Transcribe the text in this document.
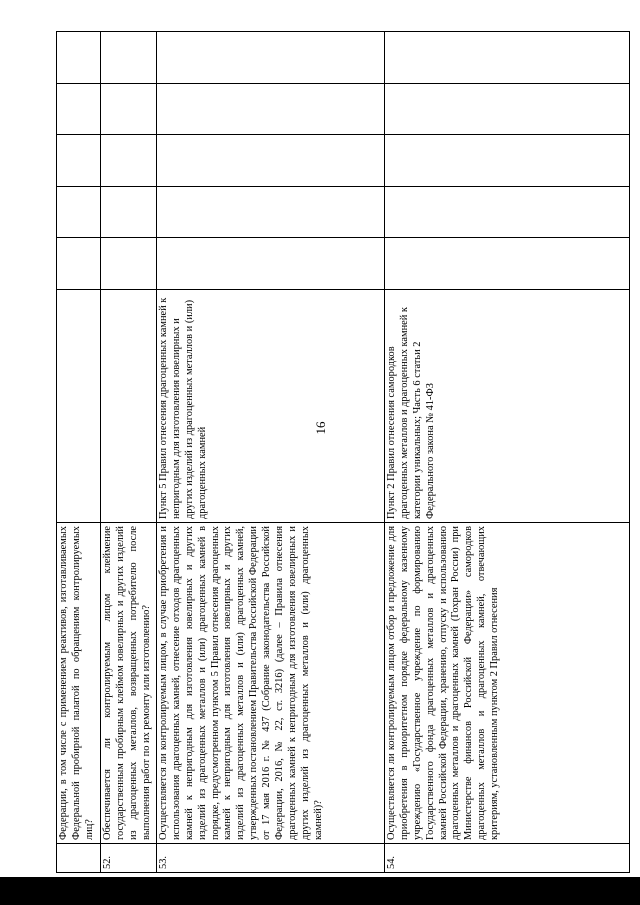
16
	Федерации, в том числе с применением реактивов, изготавливаемых Федеральной пробирной палатой по обращениям контролируемых лиц?						
52.	Обеспечивается ли контролируемым лицом клеймение государственным пробирным клеймом ювелирных и других изделий из драгоценных металлов, возвращенных потребителю после выполнения работ по их ремонту или изготовлению?						
53.	Осуществляется ли контролируемым лицом, в случае приобретения и использования драгоценных камней, отнесение отходов драгоценных камней к непригодным для изготовления ювелирных и других изделий из драгоценных металлов и (или) драгоценных камней в порядке, предусмотренном пунктом 5 Правил отнесения драгоценных камней к непригодным для изготовления ювелирных и других изделий из драгоценных металлов и (или) драгоценных камней, утвержденных постановлением Правительства Российской Федерации от 17 мая 2016 г. № 437 (Собрание законодательства Российской Федерации, 2016, № 22, ст. 3216) (далее – Правила отнесения драгоценных камней к непригодным для изготовления ювелирных и других изделий из драгоценных металлов и (или) драгоценных камней)?	Пункт 5 Правил отнесения драгоценных камней к непригодным для изготовления ювелирных и других изделий из драгоценных металлов и (или) драгоценных камней					
54.	Осуществляется ли контролируемым лицом отбор и предложение для приобретения в приоритетном порядке федеральному казенному учреждению «Государственное учреждение по формированию Государственного фонда драгоценных металлов и драгоценных камней Российской Федерации, хранению, отпуску и использованию драгоценных металлов и драгоценных камней (Гохран России) при Министерстве финансов Российской Федерации» самородков драгоценных металлов и драгоценных камней, отвечающих критериям, установленным пунктом 2 Правил отнесения	Пункт 2 Правил отнесения самородков драгоценных металлов и драгоценных камней к категории уникальных; Часть 6 статьи 2 Федерального закона № 41-ФЗ					
